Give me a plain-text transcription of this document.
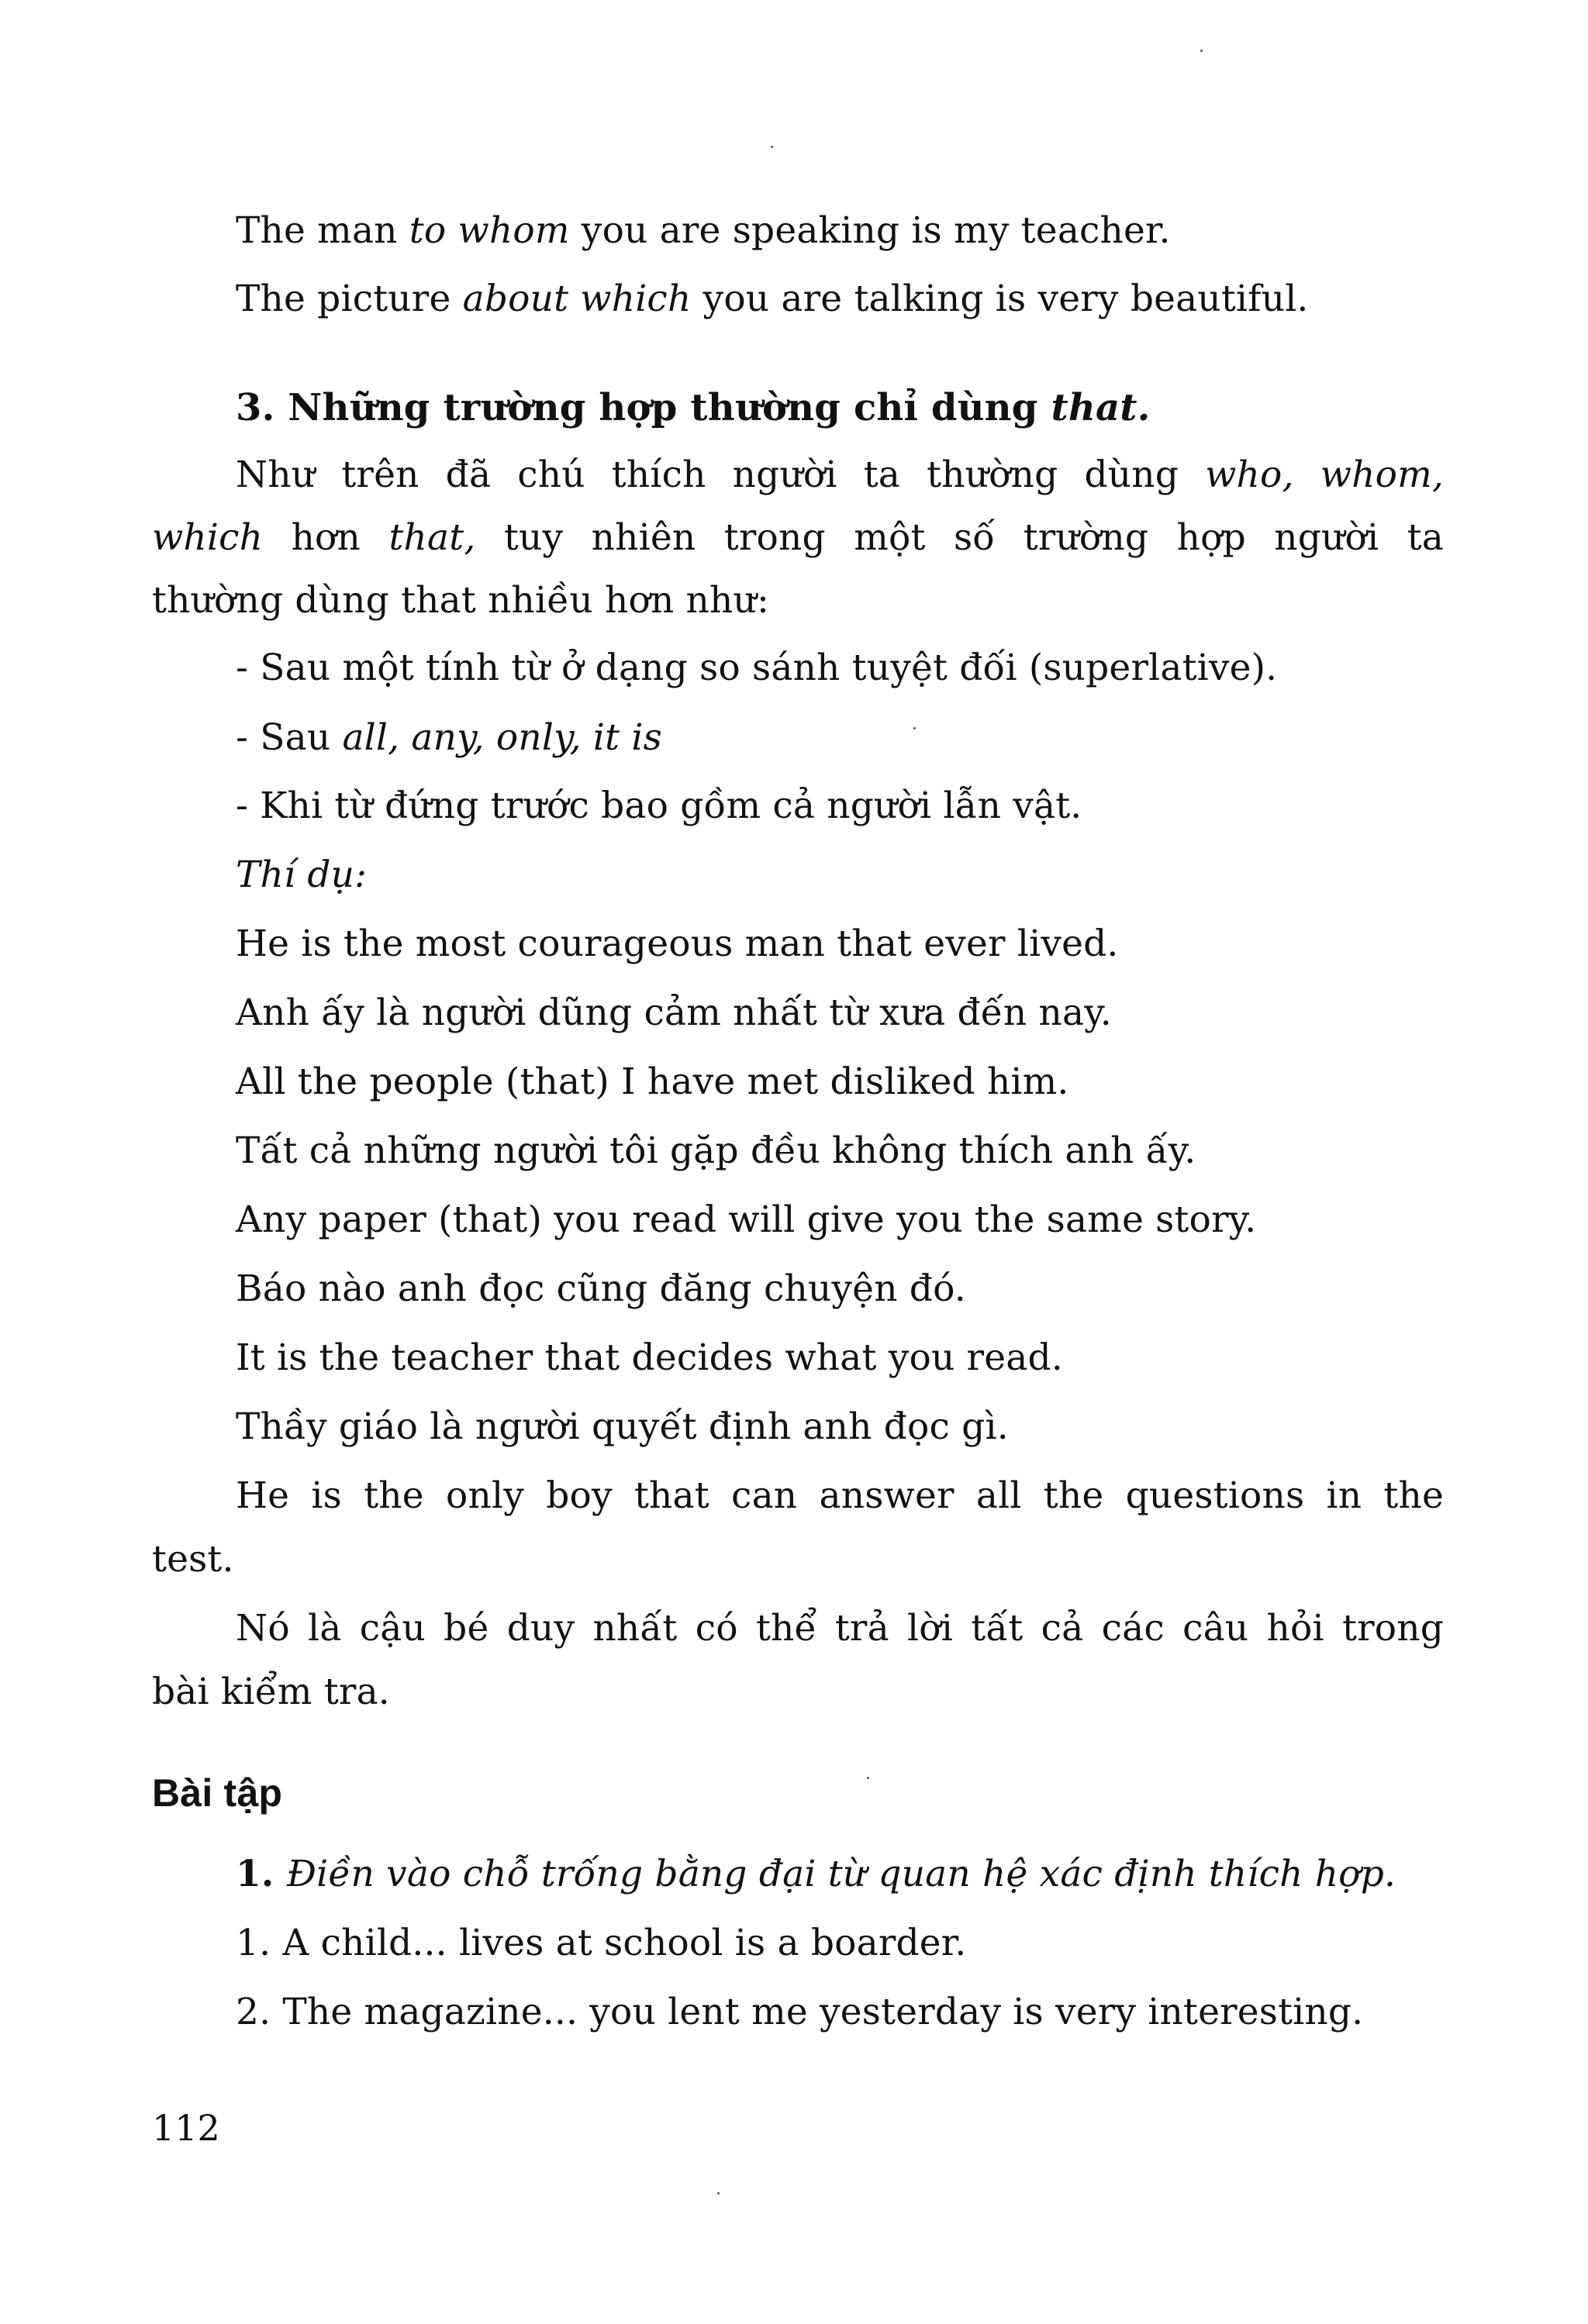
The man to whom you are speaking is my teacher.
The picture about which you are talking is very beautiful.
3. Những trường hợp thường chỉ dùng that.
Như trên đã chú thích người ta thường dùng who, whom,
which hơn that, tuy nhiên trong một số trường hợp người ta
thường dùng that nhiều hơn như:
- Sau một tính từ ở dạng so sánh tuyệt đối (superlative).
- Sau all, any, only, it is
- Khi từ đứng trước bao gồm cả người lẫn vật.
Thí dụ:
He is the most courageous man that ever lived.
Anh ấy là người dũng cảm nhất từ xưa đến nay.
All the people (that) I have met disliked him.
Tất cả những người tôi gặp đều không thích anh ấy.
Any paper (that) you read will give you the same story.
Báo nào anh đọc cũng đăng chuyện đó.
It is the teacher that decides what you read.
Thầy giáo là người quyết định anh đọc gì.
He is the only boy that can answer all the questions in the
test.
Nó là cậu bé duy nhất có thể trả lời tất cả các câu hỏi trong
bài kiểm tra.
Bài tập
1. Điền vào chỗ trống bằng đại từ quan hệ xác định thích hợp.
1. A child... lives at school is a boarder.
2. The magazine... you lent me yesterday is very interesting.
112
